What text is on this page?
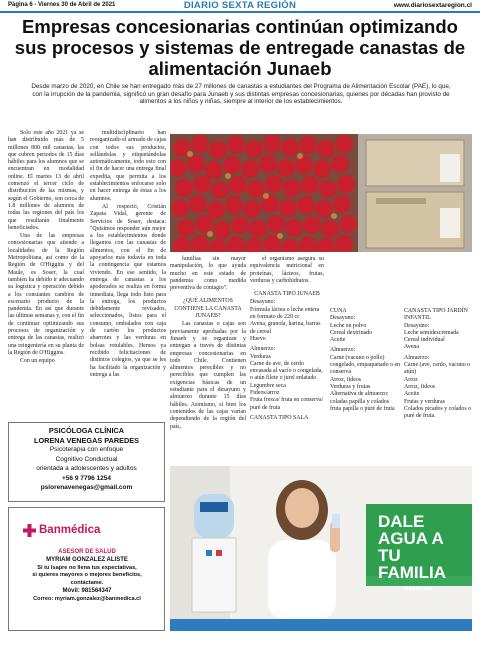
Página 6 - Viernes 30 de Abril de 2021	DIARIO SEXTA REGIÓN	www.diariosextaregion.cl
Empresas concesionarias continúan optimizando sus procesos y sistemas de entregade canastas de alimentación Junaeb

Desde marzo de 2020, en Chile se han entregado más de 27 millones de canastas a estudiantes del Programa de Alimentación Escolar (PAE), lo que, con la irrupción de la pandemia, significó un gran desafío para Junaeb y sus distintas empresas concesionarias, quienes por décadas han provisto de alimentos a los niños y niñas, siempre al interior de los establecimientos.

Solo este año 2021 ya se han distribuido más de 5 millones 800 mil canastas, las que cubren periodos de 15 días hábiles para los alumnos que se encuentran en modalidad online. El martes 13 de abril comenzó el tercer ciclo de distribución de las mismas, y según el Gobierno, son cerca de 1.8 millones de alumnos de todas las regiones del país los que resultarán finalmente beneficiados.

Una de las empresas concesionarias que atiende a localidades de la Región Metropolitana, así como de la Región de O'Higgins y del Maule, es Soser, la cual también ha debido ir adecuando su logística y operación debido a los constantes cambios de escenario producto de la pandemia. En así que durante las últimas semanas y, con el fin de continuar optimizando sus procesos de organización y entrega de las canastas, realizó una reingeniería en su planta de la Región de O'Higgins.

Con un equipo

multidisciplinario han reorganizado el armado de cajas con todos sus productos, sellándolas y etiquetándolas automáticamente, todo esto con el fin de hacer una entrega final expedita, que permita a los establecimientos enfocarse solo en hacer entrega de éstas a los alumnos.

Al respecto, Cristián Zapata Vidal, gerente de Servicios de Soser, destaca: "Quisimos responder aún mejor a los establecimientos donde llegamos con las canastas de alimentos, con el fin de apoyarlos más todavía en toda la contingencia que estamos viviendo. En ese sentido, la entrega de canastas a los apoderados se realiza en forma inmediata, llega todo listo para la entrega, los productos debidamente revisados, seleccionados, listos para el consumo, embalados con caja de cartón los productos abarrotes y las verduras en bolsas rotulables. Hemos ya recibido felicitaciones de distintos colegios, ya que se les ha facilitado la organización y entrega a las

familias sin mayor manipulación, lo que ayuda mucho en este estado de pandemia como medida preventiva de contagio".

¿QUÉ ALIMENTOS CONTIENE LA CANASTA JUNAEB?

Las canastas o cajas son previamente aprobadas por la Junaeb y se organizan y entregan a través de distintas empresas concesionarias en todo Chile. Contienen alimentos perecibles y no perecibles que cumplen las exigencias básicas de un estudiante para el desayuno y almuerzo durante 15 días hábiles. Asimismo, si bien los contenidos de las cajas varían dependiendo de la región del país,

el organismo asegura su equivalencia nutricional en proteínas, lácteos, frutas, verduras y carbohidratos.

CANASTA TIPO JUNAEB

Desayuno:
Fórmula láctea o leche entera en formato de 220 cc
Avena, granola, harina, barras de cereal
Huevo
Almuerzo:
Verduras
Carne de ave, de cerdo envasada al vacío o congelada, o atún filete o jurel enlatado
Legumbre seca
Fideos/arroz
Fruta fresca/ fruta en conserva/ puré de fruta
CANASTA TIPO SALA
CUNA
Desayuno:
Leche en polvo
Cereal dextrinado
Aceite
Almuerzo:
Carne (vacuno o pollo) congelado, empaquetado o en conserva
Arroz, fideos
Verduras y frutas
Alternativa de almuerzo: coladas papilla y colados fruta papilla o puré de fruta
CANASTA TIPO JARDÍN INFANTIL
Desayuno:
Leche semidescremada
Cereal individual
Avena
Almuerzo:
Carne (ave, cerdo, vacuno o atún)
Arroz
Arroz, fideos
Aceite
Frutas y verduras
Colados picados y colados o puré de fruta.
PSICÓLOGA CLÍNICA
LORENA VENEGAS PAREDES
Psicoterapia con enfoque
Cognitivo Conductual
orientada a adolescentes y adultos
+56 9 7796 1254
pslorenavenegas@gmail.com
Banmédica
ASESOR DE SALUD
MYRIAM GONZALEZ ALISTE
Si tu Isapre no llena tus expectativas,
si quieres mayores o mejores beneficios,
contáctame.
Móvil: 981564347
Correo: myriam.gonzalez@banmedica.cl
DALE AGUA A TU FAMILIA
MANANTIAL
